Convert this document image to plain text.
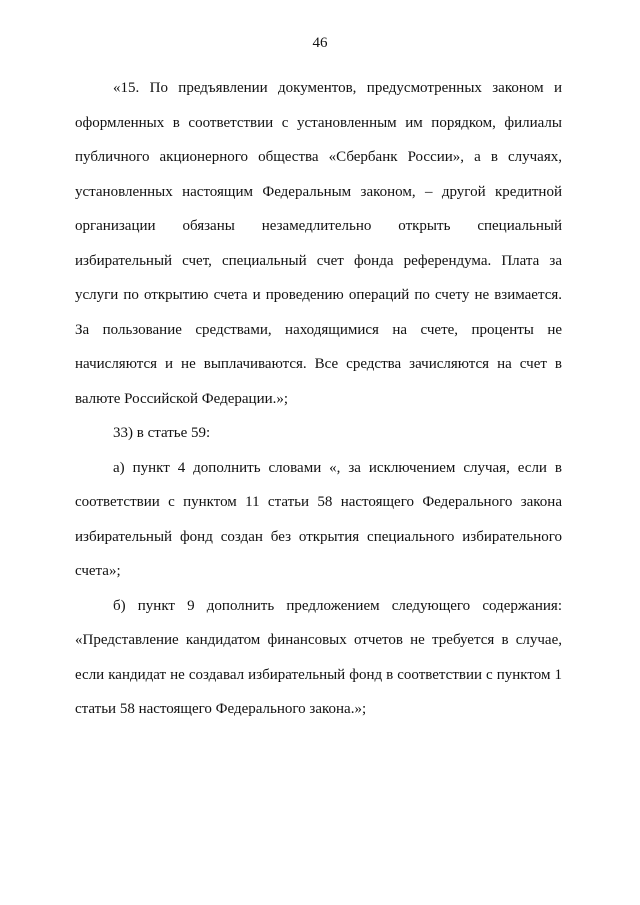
46

«15. По предъявлении документов, предусмотренных законом и оформленных в соответствии с установленным им порядком, филиалы публичного акционерного общества «Сбербанк России», а в случаях, установленных настоящим Федеральным законом, – другой кредитной организации обязаны незамедлительно открыть специальный избирательный счет, специальный счет фонда референдума. Плата за услуги по открытию счета и проведению операций по счету не взимается. За пользование средствами, находящимися на счете, проценты не начисляются и не выплачиваются. Все средства зачисляются на счет в валюте Российской Федерации.»;

33) в статье 59:

а) пункт 4 дополнить словами «, за исключением случая, если в соответствии с пунктом 11 статьи 58 настоящего Федерального закона избирательный фонд создан без открытия специального избирательного счета»;

б) пункт 9 дополнить предложением следующего содержания: «Представление кандидатом финансовых отчетов не требуется в случае, если кандидат не создавал избирательный фонд в соответствии с пунктом 1 статьи 58 настоящего Федерального закона.»;
